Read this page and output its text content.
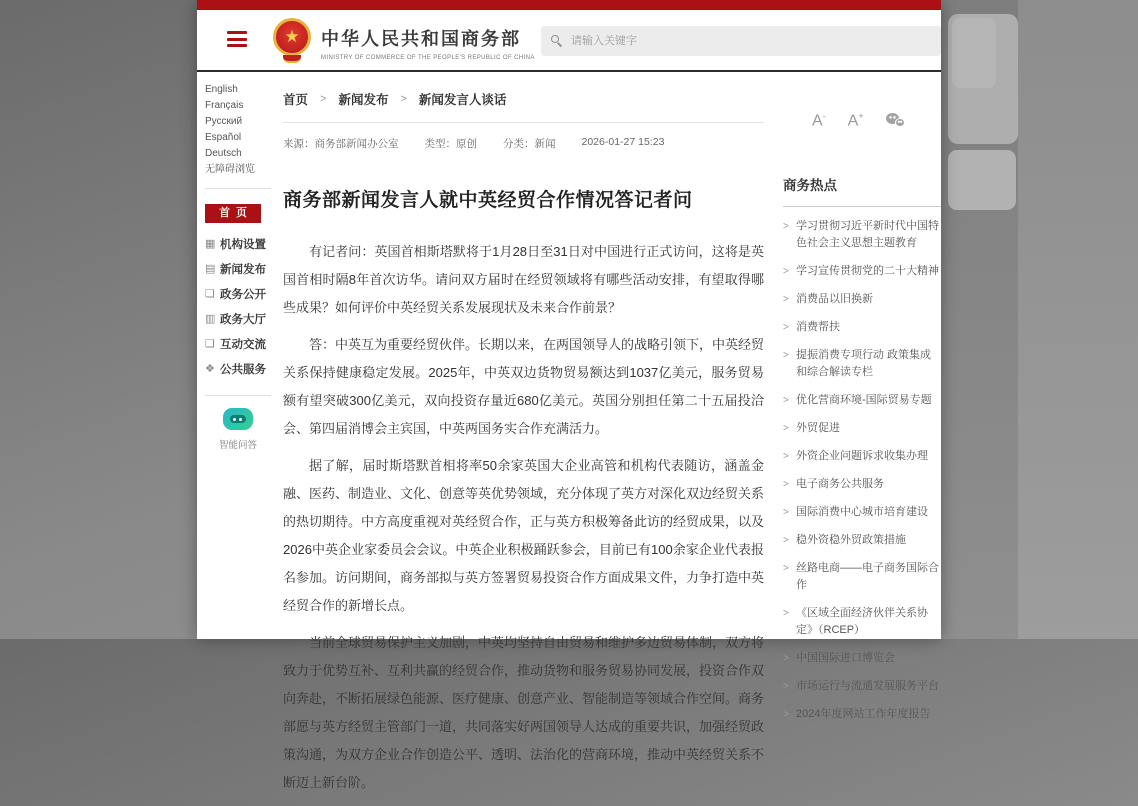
★ 中华人民共和国商务部
MINISTRY OF COMMERCE OF THE PEOPLE'S REPUBLIC OF CHINA
请输入关键字
English
Français
Русский
Español
Deutsch
无障碍浏览
首页
▦ 机构设置
▤ 新闻发布
❏ 政务公开
▥ 政务大厅
❑ 互动交流
❖ 公共服务
智能问答
首页 > 新闻发布 > 新闻发言人谈话
来源：商务部新闻办公室 类型：原创 分类：新闻 2026-01-27 15:23
商务部新闻发言人就中英经贸合作情况答记者问

有记者问：英国首相斯塔默将于1月28日至31日对中国进行正式访问，这将是英国首相时隔8年首次访华。请问双方届时在经贸领域将有哪些活动安排，有望取得哪些成果？如何评价中英经贸关系发展现状及未来合作前景？

答：中英互为重要经贸伙伴。长期以来，在两国领导人的战略引领下，中英经贸关系保持健康稳定发展。2025年，中英双边货物贸易额达到1037亿美元，服务贸易额有望突破300亿美元，双向投资存量近680亿美元。英国分别担任第二十五届投洽会、第四届消博会主宾国，中英两国务实合作充满活力。

据了解，届时斯塔默首相将率50余家英国大企业高管和机构代表随访，涵盖金融、医药、制造业、文化、创意等英优势领域，充分体现了英方对深化双边经贸关系的热切期待。中方高度重视对英经贸合作，正与英方积极筹备此访的经贸成果，以及2026中英企业家委员会会议。中英企业积极踊跃参会，目前已有100余家企业代表报名参加。访问期间，商务部拟与英方签署贸易投资合作方面成果文件，力争打造中英经贸合作的新增长点。

当前全球贸易保护主义加剧，中英均坚持自由贸易和维护多边贸易体制，双方将致力于优势互补、互利共赢的经贸合作，推动货物和服务贸易协同发展，投资合作双向奔赴，不断拓展绿色能源、医疗健康、创意产业、智能制造等领域合作空间。商务部愿与英方经贸主管部门一道，共同落实好两国领导人达成的重要共识，加强经贸政策沟通，为双方企业合作创造公平、透明、法治化的营商环境，推动中英经贸关系不断迈上新台阶。

A- A+
商务热点
> 学习贯彻习近平新时代中国特色社会主义思想主题教育
> 学习宣传贯彻党的二十大精神
> 消费品以旧换新
> 消费帮扶
> 提振消费专项行动 政策集成和综合解读专栏
> 优化营商环境-国际贸易专题
> 外贸促进
> 外资企业问题诉求收集办理
> 电子商务公共服务
> 国际消费中心城市培育建设
> 稳外资稳外贸政策措施
> 丝路电商——电子商务国际合作
> 《区域全面经济伙伴关系协定》（RCEP）
> 中国国际进口博览会
> 市场运行与流通发展服务平台
> 2024年度网站工作年度报告
